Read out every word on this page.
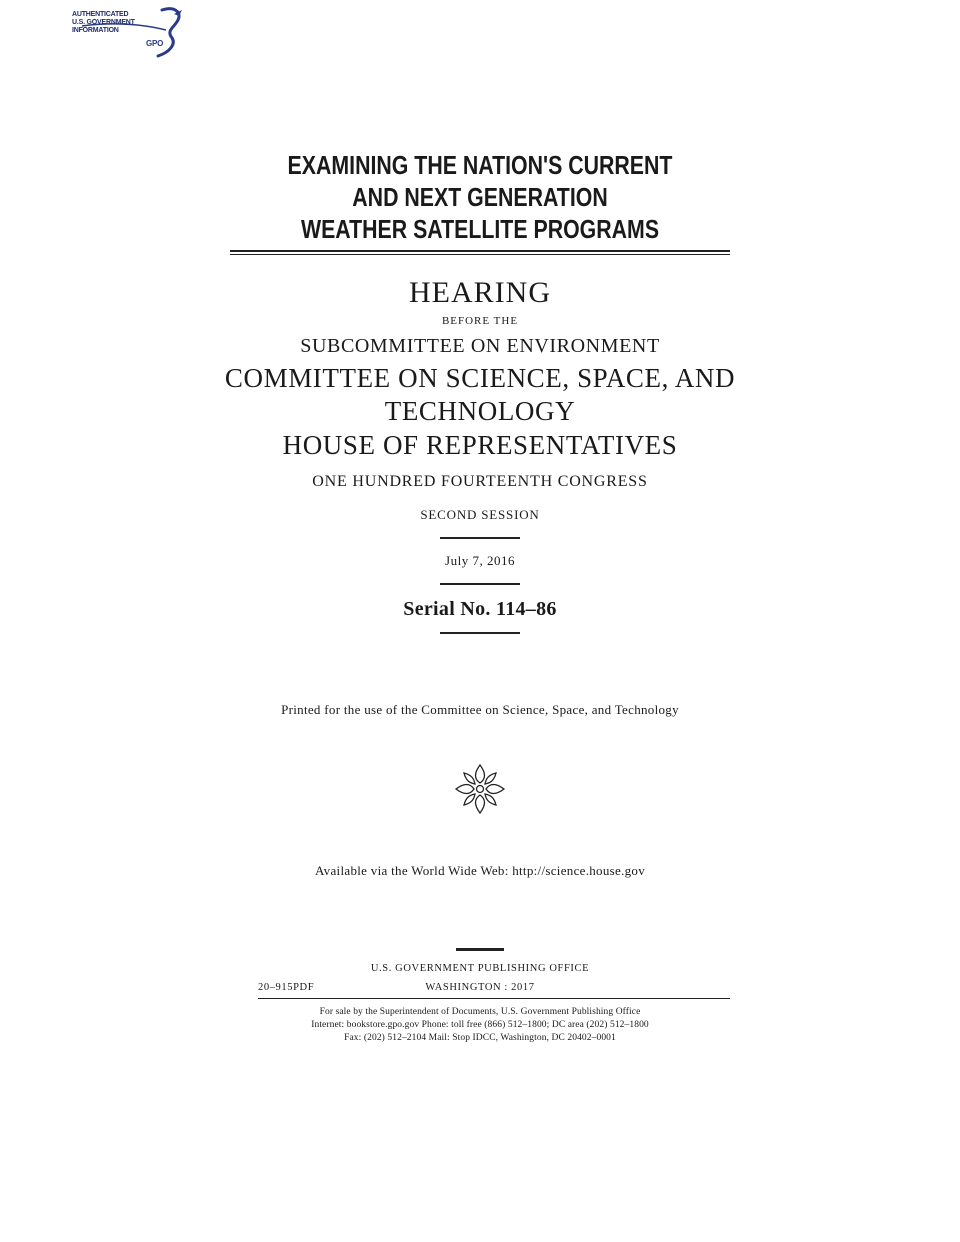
AUTHENTICATED
U.S. GOVERNMENT
INFORMATION
GPO
EXAMINING THE NATION'S CURRENT
AND NEXT GENERATION
WEATHER SATELLITE PROGRAMS
HEARING
BEFORE THE
SUBCOMMITTEE ON ENVIRONMENT
COMMITTEE ON SCIENCE, SPACE, AND
TECHNOLOGY
HOUSE OF REPRESENTATIVES
ONE HUNDRED FOURTEENTH CONGRESS
SECOND SESSION
July 7, 2016
Serial No. 114–86
Printed for the use of the Committee on Science, Space, and Technology
Available via the World Wide Web: http://science.house.gov
U.S. GOVERNMENT PUBLISHING OFFICE
20–915PDF	WASHINGTON : 2017
For sale by the Superintendent of Documents, U.S. Government Publishing Office
Internet: bookstore.gpo.gov Phone: toll free (866) 512–1800; DC area (202) 512–1800
Fax: (202) 512–2104 Mail: Stop IDCC, Washington, DC 20402–0001
